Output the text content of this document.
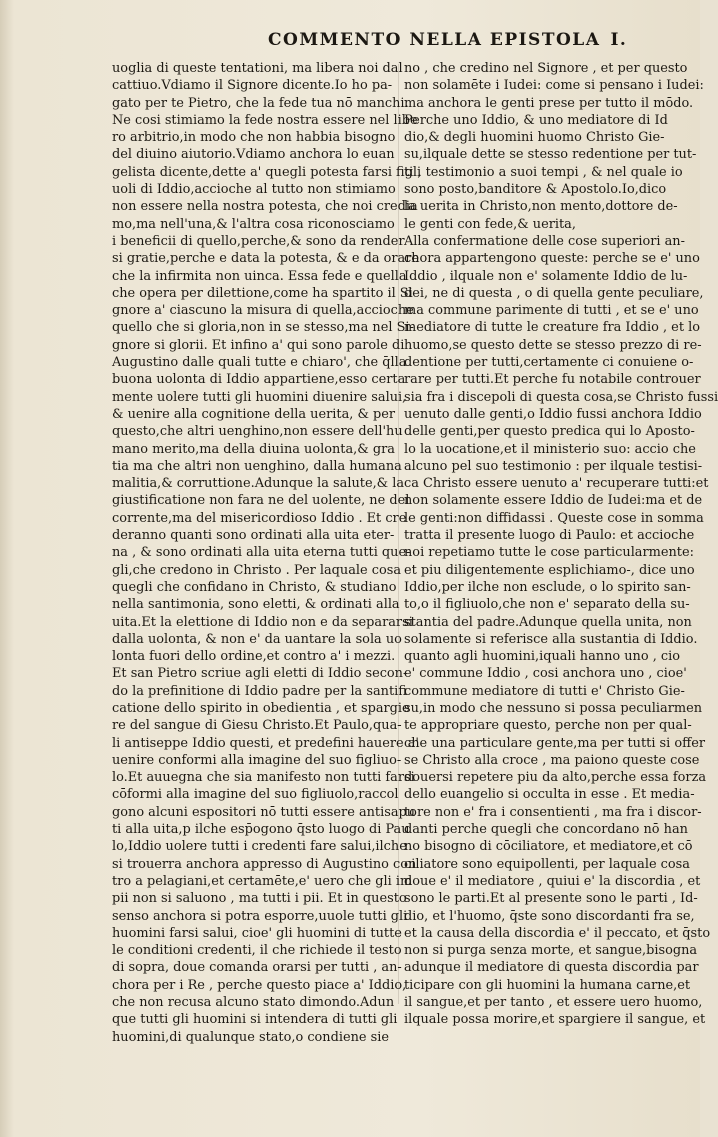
COMMENTO NELLA EPISTOLA I.
uoglia di queste tentationi, ma libera noi dal
cattiuo.Vdiamo il Signore dicente.Io ho pa-
gato per te Pietro, che la fede tua nō manchi.
Ne cosi stimiamo la fede nostra essere nel libe
ro arbitrio,in modo che non habbia bisogno
del diuino aiutorio.Vdiamo anchora lo euan
gelista dicente,dette a' quegli potesta farsi figli
uoli di Iddio,accioche al tutto non stimiamo
non essere nella nostra potesta, che noi credia
mo,ma nell'una,& l'altra cosa riconosciamo
i beneficii di quello,perche,& sono da render
si gratie,perche e data la potesta, & e da orare
che la infirmita non uinca. Essa fede e quella
che opera per dilettione,come ha spartito il Si
gnore a' ciascuno la misura di quella,accioche
quello che si gloria,non in se stesso,ma nel Si-
gnore si glorii. Et infino a' qui sono parole di
Augustino dalle quali tutte e chiaro', che q̄lla
buona uolonta di Iddio appartiene,esso certa
mente uolere tutti gli huomini diuenire salui,
& uenire alla cognitione della uerita, & per
questo,che altri uenghino,non essere dell'hu
mano merito,ma della diuina uolonta,& gra
tia ma che altri non uenghino, dalla humana
malitia,& corruttione.Adunque la salute,& la
giustificatione non fara ne del uolente, ne del
corrente,ma del misericordioso Iddio . Et cre
deranno quanti sono ordinati alla uita eter-
na , & sono ordinati alla uita eterna tutti que-
gli,che credono in Christo . Per laquale cosa
quegli che confidano in Christo, & studiano
nella santimonia, sono eletti, & ordinati alla
uita.Et la elettione di Iddio non e da separarsi
dalla uolonta, & non e' da uantare la sola uo
lonta fuori dello ordine,et contro a' i mezzi.
Et san Pietro scriue agli eletti di Iddio secon-
do la prefinitione di Iddio padre per la santifi
catione dello spirito in obedientia , et spargie
re del sangue di Giesu Christo.Et Paulo,qua-
li antiseppe Iddio questi, et predefini hauere a'
uenire conformi alla imagine del suo figliuo-
lo.Et auuegna che sia manifesto non tutti farsi
cōformi alla imagine del suo figliuolo,raccol
gono alcuni espositori nō tutti essere antisapu
ti alla uita,p ilche esp̄ogono q̄sto luogo di Pau
lo,Iddio uolere tutti i credenti fare salui,ilche
si trouerra anchora appresso di Augustino con
tro a pelagiani,et certamēte,e' uero che gli im
pii non si saluono , ma tutti i pii. Et in questo
senso anchora si potra esporre,uuole tutti gli
huomini farsi salui, cioe' gli huomini di tutte
le conditioni credenti, il che richiede il testo
di sopra, doue comanda orarsi per tutti , an-
chora per i Re , perche questo piace a' Iddio,
che non recusa alcuno stato dimondo.Adun
que tutti gli huomini si intendera di tutti gli
huomini,di qualunque stato,o condiene sie
no , che credino nel Signore , et per questo
non solamēte i Iudei: come si pensano i Iudei:
ma anchora le genti prese per tutto il mōdo.
Perche uno Iddio, & uno mediatore di Id
dio,& degli huomini huomo Christo Gie-
su,ilquale dette se stesso redentione per tut-
ti , testimonio a suoi tempi , & nel quale io
sono posto,banditore & Apostolo.Io,dico
la uerita in Christo,non mento,dottore de-
le genti con fede,& uerita,
Alla confermatione delle cose superiori an-
chora appartengono queste: perche se e' uno
Iddio , ilquale non e' solamente Iddio de lu-
dei, ne di questa , o di quella gente peculiare,
ma commune parimente di tutti , et se e' uno
mediatore di tutte le creature fra Iddio , et lo
huomo,se questo dette se stesso prezzo di re-
dentione per tutti,certamente ci conuiene o-
rare per tutti.Et perche fu notabile controuer
sia fra i discepoli di questa cosa,se Christo fussi
uenuto dalle genti,o Iddio fussi anchora Iddio
delle genti,per questo predica qui lo Aposto-
lo la uocatione,et il ministerio suo: accio che
alcuno pel suo testimonio : per ilquale testisi-
ca Christo essere uenuto a' recuperare tutti:et
non solamente essere Iddio de Iudei:ma et de
le genti:non diffidassi . Queste cose in somma
tratta il presente luogo di Paulo: et accioche
noi repetiamo tutte le cose particularmente:
et piu diligentemente esplichiamo-, dice uno
Iddio,per ilche non esclude, o lo spirito san-
to,o il figliuolo,che non e' separato della su-
stantia del padre.Adunque quella unita, non
solamente si referisce alla sustantia di Iddio.
quanto agli huomini,iquali hanno uno , cio
e' commune Iddio , cosi anchora uno , cioe'
commune mediatore di tutti e' Christo Gie-
su,in modo che nessuno si possa peculiarmen
te appropriare questo, perche non per qual-
che una particulare gente,ma per tutti si offer
se Christo alla croce , ma paiono queste cose
douersi repetere piu da alto,perche essa forza
dello euangelio si occulta in esse . Et media-
tore non e' fra i consentienti , ma fra i discor-
danti perche quegli che concordano nō han
no bisogno di cōciliatore, et mediatore,et cō
ciliatore sono equipollenti, per laquale cosa
doue e' il mediatore , quiui e' la discordia , et
sono le parti.Et al presente sono le parti , Id-
dio, et l'huomo, q̄ste sono discordanti fra se,
et la causa della discordia e' il peccato, et q̄sto
non si purga senza morte, et sangue,bisogna
adunque il mediatore di questa discordia par
ticipare con gli huomini la humana carne,et
il sangue,et per tanto , et essere uero huomo,
ilquale possa morire,et spargiere il sangue, et
